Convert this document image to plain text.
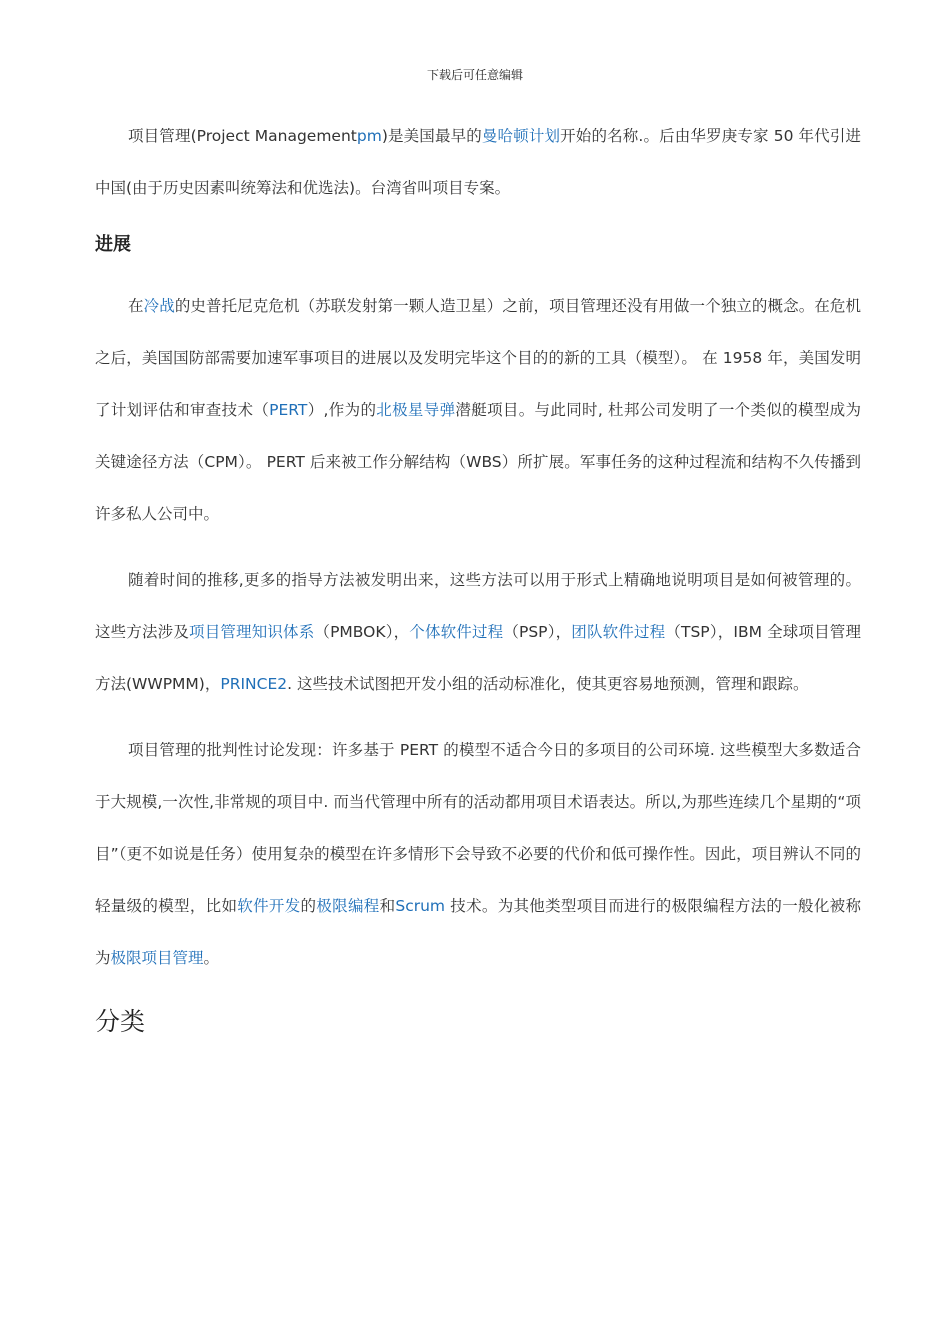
下载后可任意编辑

项目管理(Project Managementpm)是美国最早的曼哈顿计划开始的名称.。后由华罗庚专家 50 年代引进中国(由于历史因素叫统筹法和优选法)。台湾省叫项目专案。

进展

在冷战的史普托尼克危机（苏联发射第一颗人造卫星）之前，项目管理还没有用做一个独立的概念。在危机之后，美国国防部需要加速军事项目的进展以及发明完毕这个目的的新的工具（模型）。 在 1958 年，美国发明了计划评估和审查技术（PERT）,作为的北极星导弹潜艇项目。与此同时, 杜邦公司发明了一个类似的模型成为关键途径方法（CPM）。 PERT 后来被工作分解结构（WBS）所扩展。军事任务的这种过程流和结构不久传播到许多私人公司中。

随着时间的推移,更多的指导方法被发明出来，这些方法可以用于形式上精确地说明项目是如何被管理的。这些方法涉及项目管理知识体系（PMBOK），个体软件过程（PSP），团队软件过程（TSP），IBM 全球项目管理方法(WWPMM)，PRINCE2. 这些技术试图把开发小组的活动标准化，使其更容易地预测，管理和跟踪。

项目管理的批判性讨论发现：许多基于 PERT 的模型不适合今日的多项目的公司环境. 这些模型大多数适合于大规模,一次性,非常规的项目中. 而当代管理中所有的活动都用项目术语表达。所以,为那些连续几个星期的“项目”（更不如说是任务）使用复杂的模型在许多情形下会导致不必要的代价和低可操作性。因此，项目辨认不同的轻量级的模型，比如软件开发的极限编程和Scrum 技术。为其他类型项目而进行的极限编程方法的一般化被称为极限项目管理。

分类
